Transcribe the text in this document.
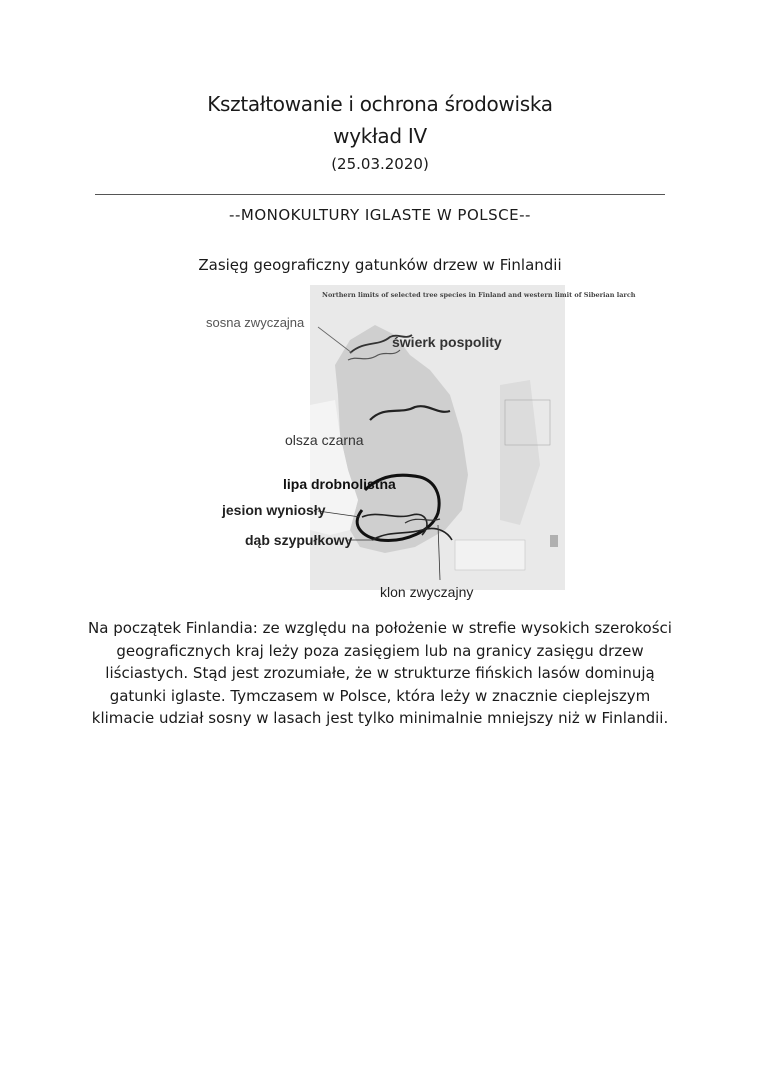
Kształtowanie i ochrona środowiska
wykład IV
(25.03.2020)
--MONOKULTURY IGLASTE W POLSCE--
Zasięg geograficzny gatunków drzew w Finlandii
Northern limits of selected tree species in Finland and western limit of Siberian larch
sosna zwyczajna
świerk pospolity
olsza czarna
lipa drobnolistna
jesion wyniosły
dąb szypułkowy
klon zwyczajny
Na początek Finlandia: ze względu na położenie w strefie wysokich szerokości geograficznych kraj leży poza zasięgiem lub na granicy zasięgu drzew liściastych. Stąd jest zrozumiałe, że w strukturze fińskich lasów dominują gatunki iglaste. Tymczasem w Polsce, która leży w znacznie cieplejszym klimacie udział sosny w lasach jest tylko minimalnie mniejszy niż w Finlandii.
